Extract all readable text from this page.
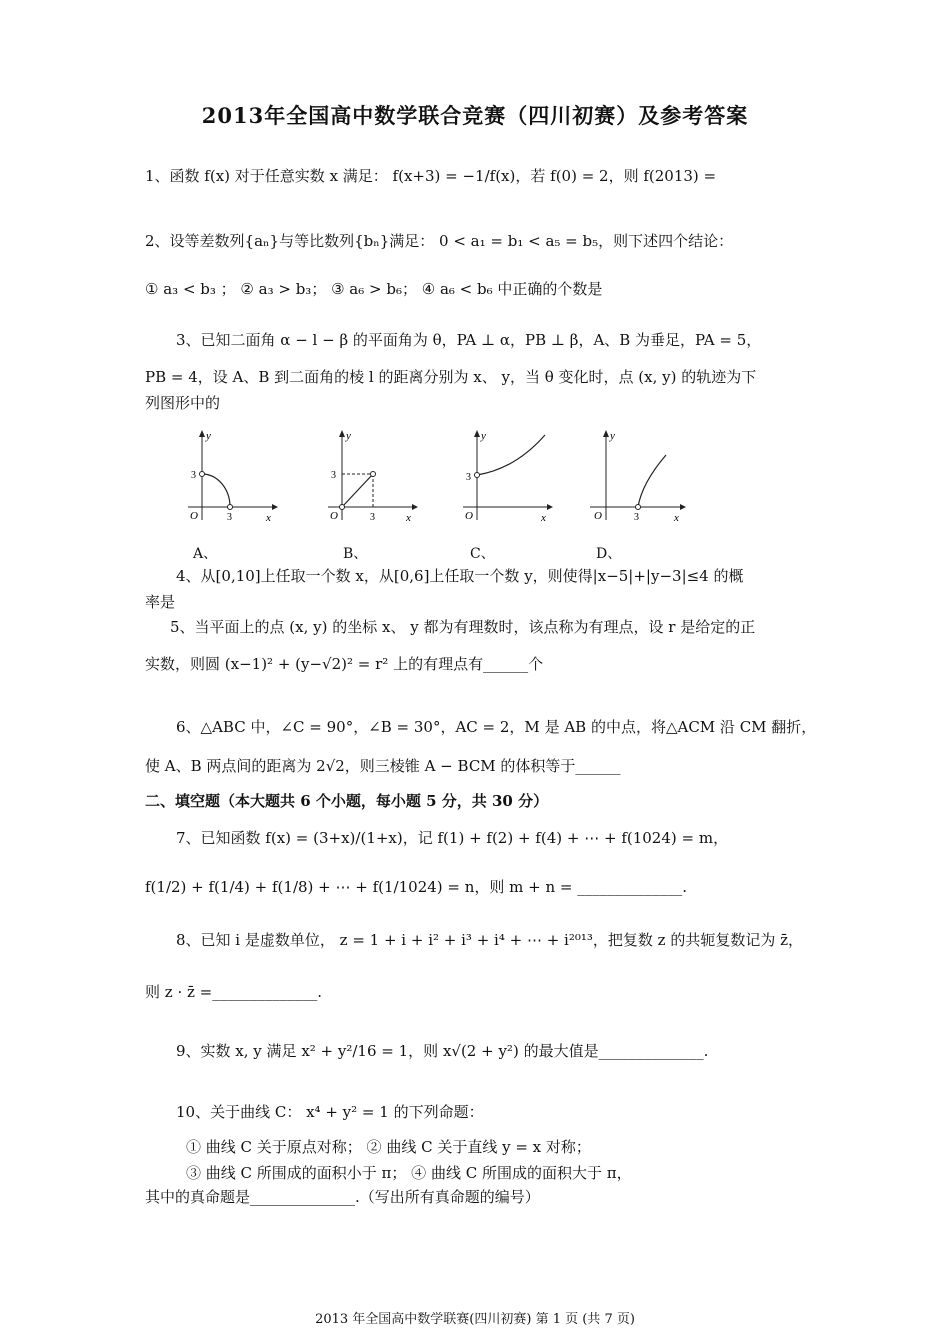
2013年全国高中数学联合竞赛（四川初赛）及参考答案
1、函数 f(x) 对于任意实数 x 满足： f(x+3) = −1/f(x)，若 f(0) = 2，则 f(2013) =
2、设等差数列{aₙ}与等比数列{bₙ}满足： 0 < a₁ = b₁ < a₅ = b₅，则下述四个结论：
① a₃ < b₃ ； ② a₃ > b₃； ③ a₆ > b₆； ④ a₆ < b₆ 中正确的个数是
3、已知二面角 α − l − β 的平面角为 θ，PA ⊥ α，PB ⊥ β，A、B 为垂足，PA = 5，
PB = 4，设 A、B 到二面角的棱 l 的距离分别为 x、 y，当 θ 变化时，点 (x, y) 的轨迹为下
列图形中的
y
x
O
3
3
y
x
O
3
3
y
x
O
3
y
x
O	3
A、	B、	C、	D、
4、从[0,10]上任取一个数 x，从[0,6]上任取一个数 y，则使得|x−5|+|y−3|≤4 的概
率是
5、当平面上的点 (x, y) 的坐标 x、 y 都为有理数时，该点称为有理点，设 r 是给定的正
实数，则圆 (x−1)² + (y−√2)² = r² 上的有理点有______个
6、△ABC 中，∠C = 90°，∠B = 30°，AC = 2，M 是 AB 的中点，将△ACM 沿 CM 翻折，
使 A、B 两点间的距离为 2√2，则三棱锥 A − BCM 的体积等于______
二、填空题（本大题共 6 个小题，每小题 5 分，共 30 分）
7、已知函数 f(x) = (3+x)/(1+x)，记 f(1) + f(2) + f(4) + ⋯ + f(1024) = m，
f(1/2) + f(1/4) + f(1/8) + ⋯ + f(1/1024) = n，则 m + n = ______________.
8、已知 i 是虚数单位， z = 1 + i + i² + i³ + i⁴ + ⋯ + i²⁰¹³，把复数 z 的共轭复数记为 z̄，
则 z · z̄ =______________.
9、实数 x, y 满足 x² + y²/16 = 1，则 x√(2 + y²) 的最大值是______________.
10、关于曲线 C： x⁴ + y² = 1 的下列命题：
① 曲线 C 关于原点对称； ② 曲线 C 关于直线 y = x 对称；
③ 曲线 C 所围成的面积小于 π； ④ 曲线 C 所围成的面积大于 π，
其中的真命题是______________.（写出所有真命题的编号）
2013 年全国高中数学联赛(四川初赛) 第 1 页 (共 7 页)
